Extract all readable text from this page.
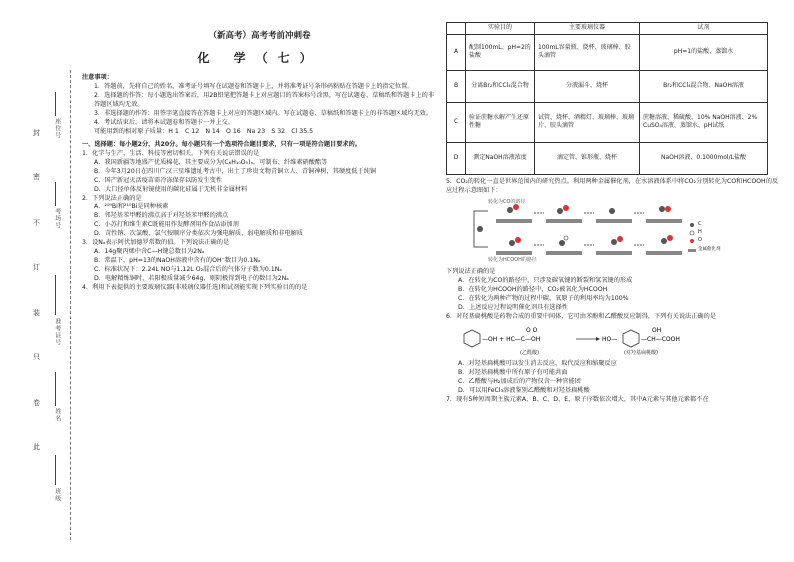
封
密
不
订
装
只
卷
此
座位号
考场号
准考证号
姓名
班级

（新高考）高考考前冲刺卷

化 学（七）

注意事项：

1．答题前，先将自己的姓名、准考证号填写在试题卷和答题卡上，并将准考证号条形码粘贴在答题卡上的指定位置。

2．选择题的作答：每小题选出答案后，用2B铅笔把答题卡上对应题目的答案标号涂黑，写在试题卷、草稿纸和答题卡上的非答题区域均无效。

3．非选择题的作答：用签字笔直接答在答题卡上对应的答题区域内。写在试题卷、草稿纸和答题卡上的非答题区域均无效。

4．考试结束后，请将本试题卷和答题卡一并上交。

可能用到的相对原子质量：H 1　C 12　N 14　O 16　Na 23　S 32　Cl 35.5

一、选择题：每小题2分，共20分。每小题只有一个选项符合题目要求，只有一项是符合题目要求的。

1．化学与生产、生活、科技等密切相关。下列有关说法错误的是

A．我国新疆等地盛产优质棉花，其主要成分为(C₆H₁₀O₅)ₙ，可制布、纤维素硝酸酯等

B．今年3月20日在四川广汉三星堆遗址考古中，出土了珍贵文物青铜立人、青铜神树，其硬度低于纯铜

C．国产新冠灭活疫苗需冷冻保存以防发生变性

D．大口径单体反射镜使用的碳化硅属于无机非金属材料

2．下列说法正确的是

A．²⁰⁹Bi和²¹⁰Bi是同种核素

B．邻羟基苯甲醛的沸点高于对羟基苯甲醛的沸点

C．小苏打和维生素C既能用作发酵剂用作食品添加剂

D．苛性钠、次氯酸、氯气按顺序分类依次为强电解质、弱电解质和非电解质

3．设Nₐ表示阿伏加德罗常数的值。下列说法正确的是

A．14g聚丙烯中含C—H键总数目为2Nₐ

B．常温下，pH=13的NaOH溶液中含有的OH⁻数目为0.1Nₐ

C．标准状况下：2.24L NO与1.12L O₂混合后的气体分子数为0.1Nₐ

D．电解精炼铜时，若阳极质量减少64g，则阴极得到电子的数目为2Nₐ

4．利用下表提供的主要玻璃仪器(非玻璃仪器任选)和试剂能实现下列实验目的的是

	实验目的	主要玻璃仪器	试剂
A	配制100mL、pH=2的盐酸	100mL容量瓶、烧杯、玻璃棒、胶头滴管	pH=1的盐酸、蒸馏水
B	分离Br₂和CCl₄混合物	分液漏斗、烧杯	Br₂和CCl₄混合物、NaOH溶液
C	验证蔗糖水解产生还原性糖	试管、烧杯、酒精灯、玻璃棒、玻璃片、胶头滴管	蔗糖溶液、稀硫酸、10% NaOH溶液、2% CuSO₄溶液、蒸馏水、pH试纸
D	测定NaOH溶液浓度	滴定管、锥形瓶、烧杯	NaOH溶液、0.1000mol/L盐酸

5．CO₂的转化一直是世界范围内的研究热点。利用两种金属催化剂，在水溶液体系中将CO₂分别转化为CO和HCOOH的反应过程示意图如下：

转化为CO的路径
转化为HCOOH的路径
C
H
O
金属催化剂

下列说法正确的是

A．在转化为CO的路径中，只涉及碳氧键的断裂和氢氧键的形成

B．在转化为HCOOH的路径中，CO₂被氧化为HCOOH

C．在转化为两种产物的过程中碳、氧原子的利用率均为100%

D．上述反应过程说明催化剂具有选择性

6．对羟基扁桃酸是药物合成的重要中间体，它可由苯酚和乙醛酸反应制得，下列有关说法正确的是

—OH + HC—C—OH
O O
HO—	—CH—COOH
OH
(乙醛酸)	(对羟基扁桃酸)

A．对羟基扁桃酸可以发生消去反应、取代反应和缩聚反应

B．对羟基扁桃酸中所有原子有可能共面

C．乙醛酸与H₂加成后的产物仅含一种官能团

D．可以用FeCl₃溶液鉴别乙醛酸和对羟基扁桃酸

7．现有5种短周期主族元素A、B、C、D、E，原子序数依次增大，其中A元素与其他元素都不在
